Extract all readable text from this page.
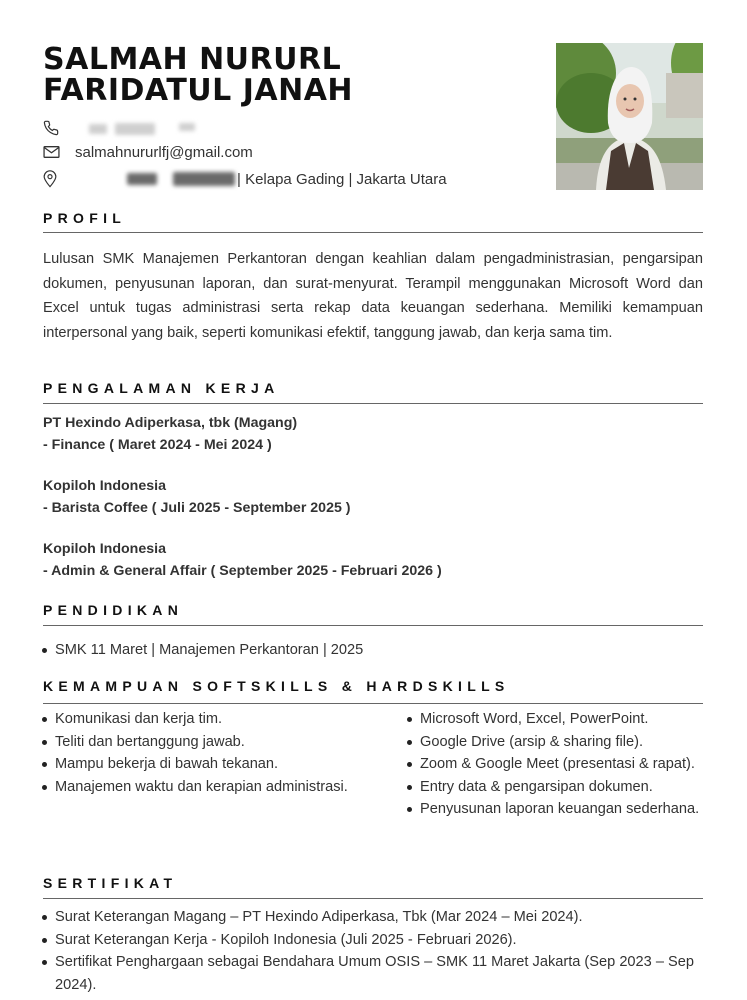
SALMAH NURURL
FARIDATUL JANAH
salmahnururlfj@gmail.com
| Kelapa Gading | Jakarta Utara
PROFIL

Lulusan SMK Manajemen Perkantoran dengan keahlian dalam pengadministrasian, pengarsipan dokumen, penyusunan laporan, dan surat-menyurat. Terampil menggunakan Microsoft Word dan Excel untuk tugas administrasi serta rekap data keuangan sederhana. Memiliki kemampuan interpersonal yang baik, seperti komunikasi efektif, tanggung jawab, dan kerja sama tim.

PENGALAMAN KERJA
PT Hexindo Adiperkasa, tbk (Magang)
- Finance ( Maret 2024 - Mei 2024 )
Kopiloh Indonesia
- Barista Coffee ( Juli 2025 - September 2025 )
Kopiloh Indonesia
- Admin & General Affair ( September 2025 - Februari 2026 )
PENDIDIKAN
SMK 11 Maret | Manajemen Perkantoran | 2025
KEMAMPUAN SOFTSKILLS & HARDSKILLS
Komunikasi dan kerja tim.
Teliti dan bertanggung jawab.
Mampu bekerja di bawah tekanan.
Manajemen waktu dan kerapian administrasi.
Microsoft Word, Excel, PowerPoint.
Google Drive (arsip & sharing file).
Zoom & Google Meet (presentasi & rapat).
Entry data & pengarsipan dokumen.
Penyusunan laporan keuangan sederhana.
SERTIFIKAT
Surat Keterangan Magang – PT Hexindo Adiperkasa, Tbk (Mar 2024 – Mei 2024).
Surat Keterangan Kerja - Kopiloh Indonesia (Juli 2025 - Februari 2026).
Sertifikat Penghargaan sebagai Bendahara Umum OSIS – SMK 11 Maret Jakarta (Sep 2023 – Sep 2024).
